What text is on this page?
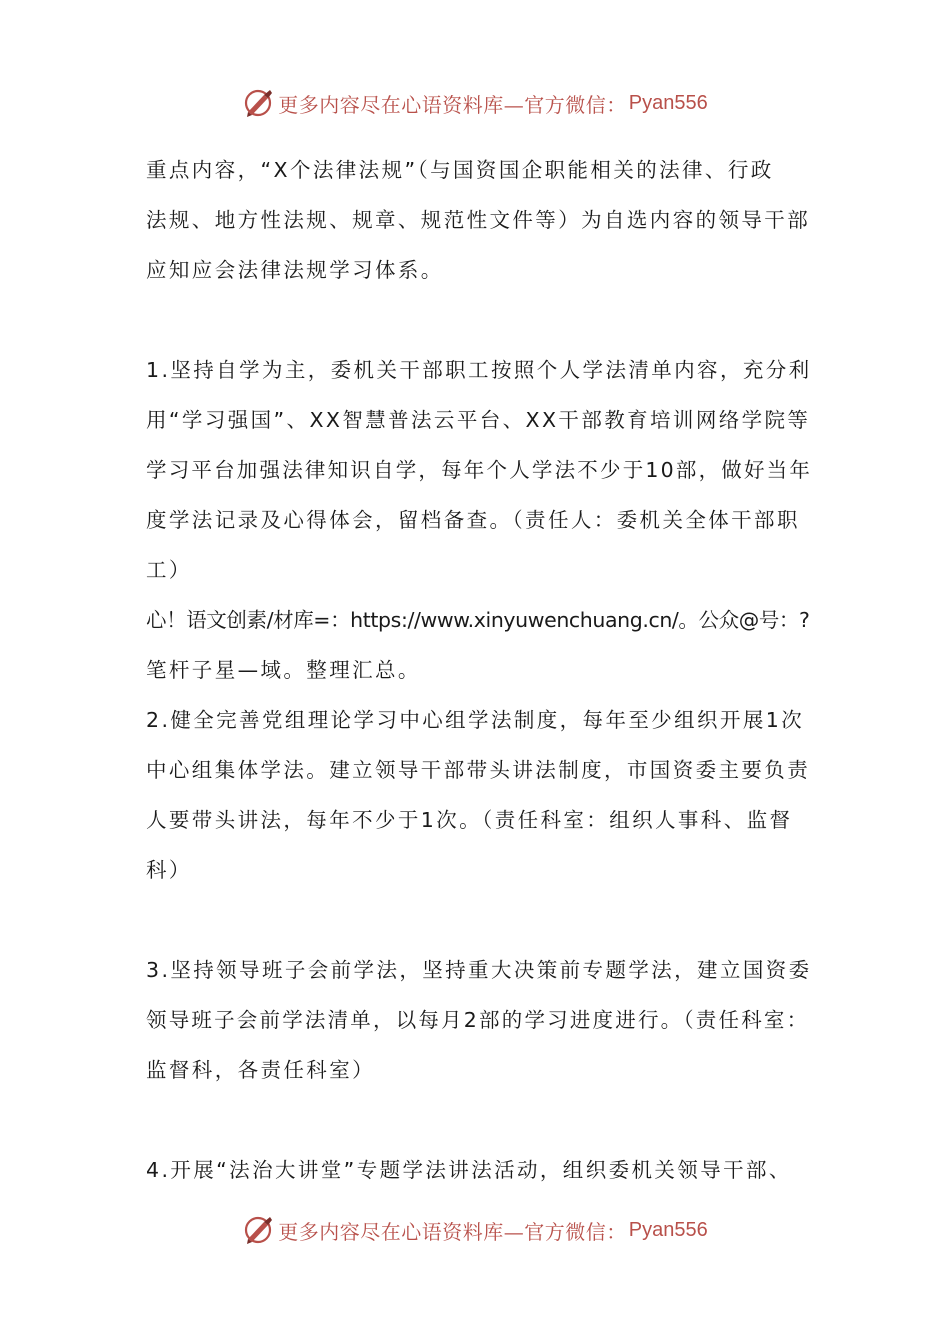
更多内容尽在心语资料库—官方微信： Pyan556
重点内容，“X个法律法规”（与国资国企职能相关的法律、行政
法规、地方性法规、规章、规范性文件等）为自选内容的领导干部
应知应会法律法规学习体系。
1.坚持自学为主，委机关干部职工按照个人学法清单内容，充分利
用“学习强国”、XX智慧普法云平台、XX干部教育培训网络学院等
学习平台加强法律知识自学，每年个人学法不少于10部，做好当年
度学法记录及心得体会，留档备查。（责任人：委机关全体干部职
工）
心！语文创素/材库=：https://www.xinyuwenchuang.cn/。公众@号：?
笔杆子星—域。整理汇总。
2.健全完善党组理论学习中心组学法制度，每年至少组织开展1次
中心组集体学法。建立领导干部带头讲法制度，市国资委主要负责
人要带头讲法，每年不少于1次。（责任科室：组织人事科、监督
科）
3.坚持领导班子会前学法，坚持重大决策前专题学法，建立国资委
领导班子会前学法清单，以每月2部的学习进度进行。（责任科室：
监督科，各责任科室）
4.开展“法治大讲堂”专题学法讲法活动，组织委机关领导干部、
更多内容尽在心语资料库—官方微信： Pyan556
